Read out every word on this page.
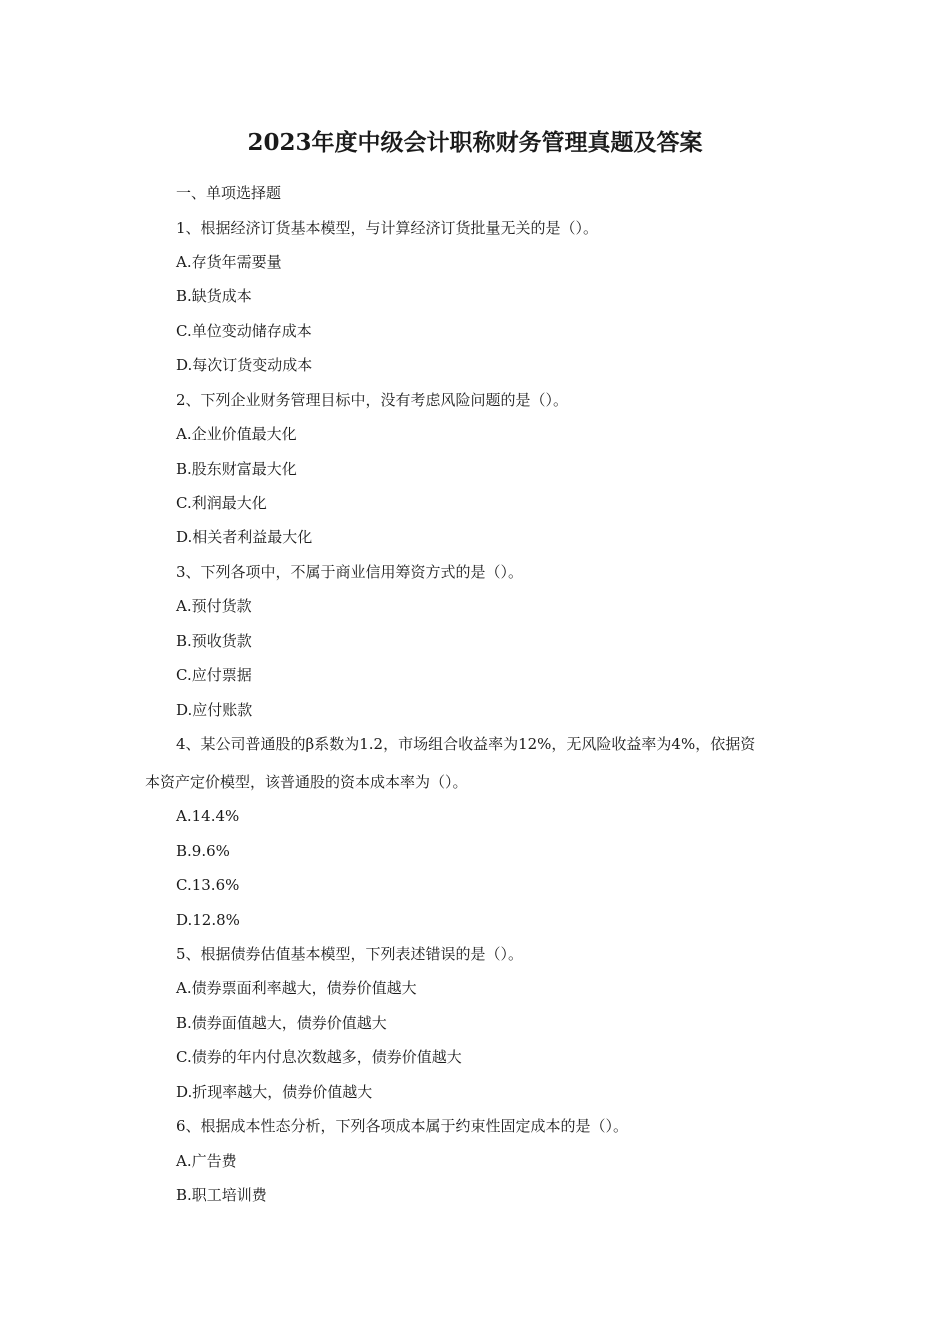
2023年度中级会计职称财务管理真题及答案

一、单项选择题

1、根据经济订货基本模型，与计算经济订货批量无关的是（）。

A.存货年需要量

B.缺货成本

C.单位变动储存成本

D.每次订货变动成本

2、下列企业财务管理目标中，没有考虑风险问题的是（）。

A.企业价值最大化

B.股东财富最大化

C.利润最大化

D.相关者利益最大化

3、下列各项中，不属于商业信用筹资方式的是（）。

A.预付货款

B.预收货款

C.应付票据

D.应付账款

4、某公司普通股的β系数为1.2，市场组合收益率为12%，无风险收益率为4%，依据资

本资产定价模型，该普通股的资本成本率为（）。

A.14.4%

B.9.6%

C.13.6%

D.12.8%

5、根据债券估值基本模型，下列表述错误的是（）。

A.债券票面利率越大，债券价值越大

B.债券面值越大，债券价值越大

C.债券的年内付息次数越多，债券价值越大

D.折现率越大，债券价值越大

6、根据成本性态分析，下列各项成本属于约束性固定成本的是（）。

A.广告费

B.职工培训费
